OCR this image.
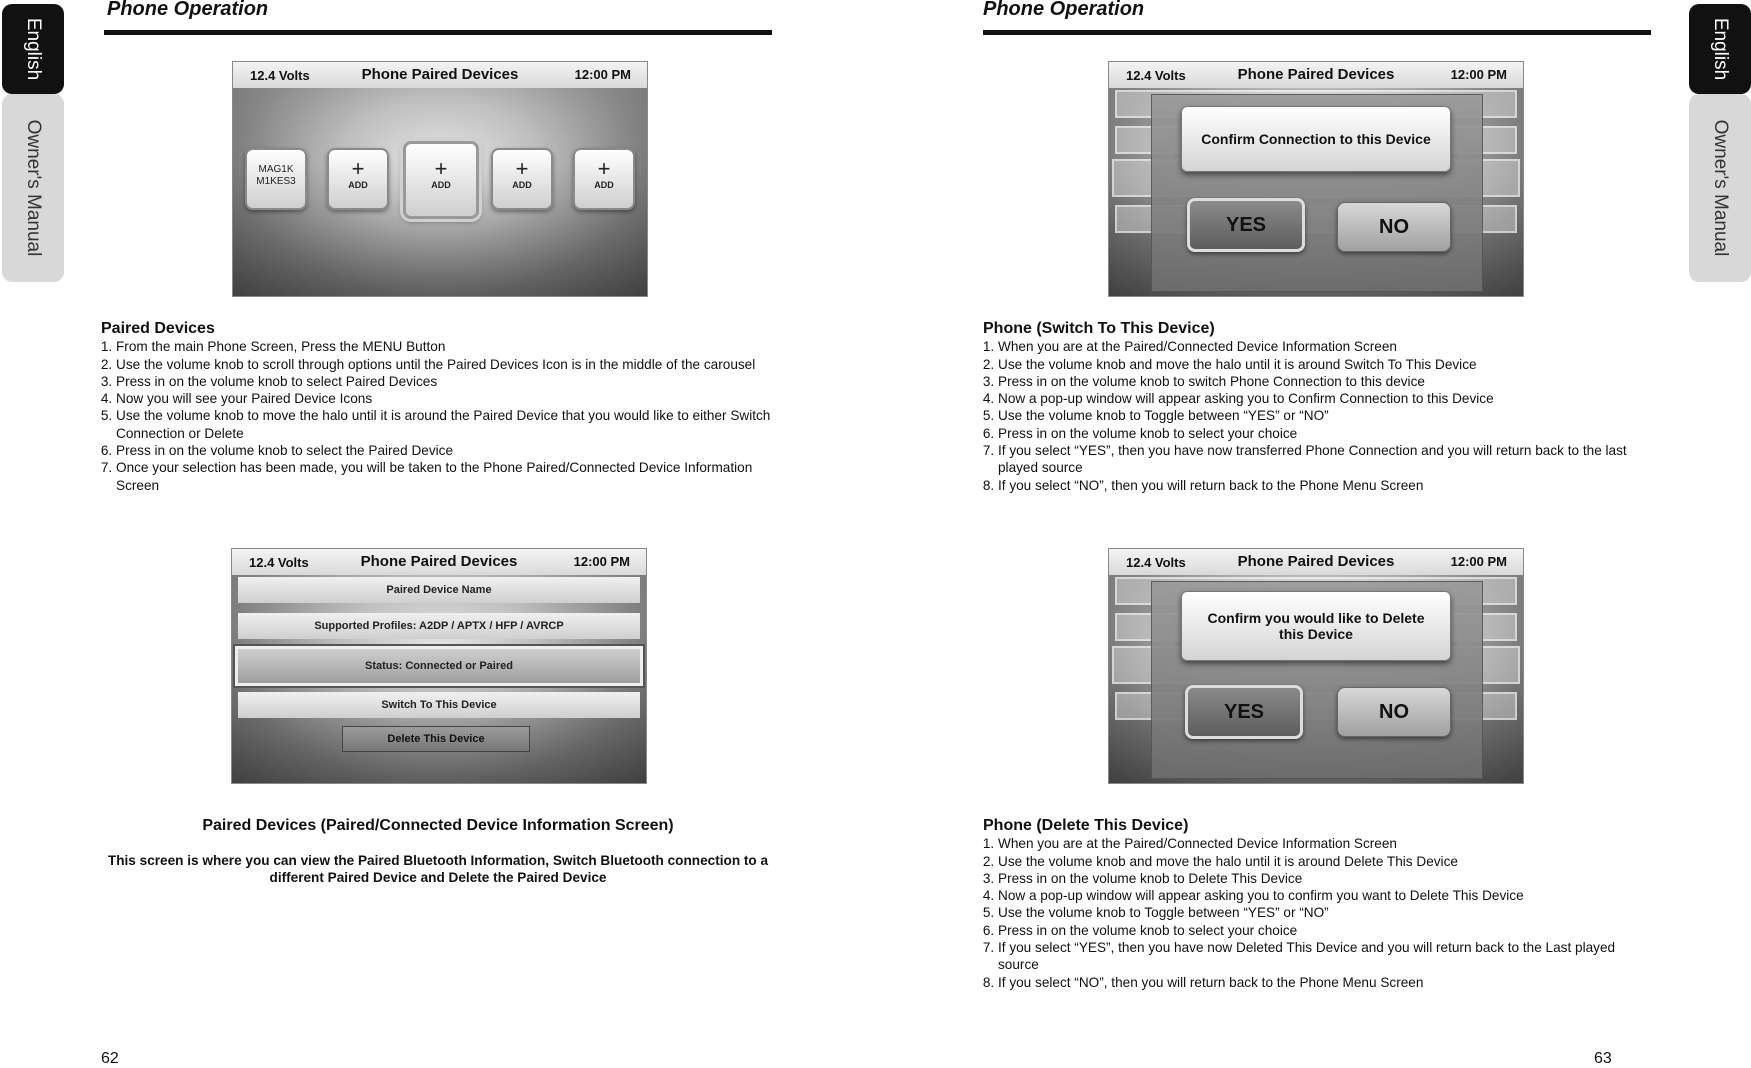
English
Owner's Manual
English
Owner's Manual
Phone Operation
12.4 Volts	Phone Paired Devices	12:00 PM
MAG1K
M1KES3
+
ADD
+
ADD
+
ADD
+
ADD
Paired Devices
1. From the main Phone Screen, Press the MENU Button
2. Use the volume knob to scroll through options until the Paired Devices Icon is in the middle of the carousel
3. Press in on the volume knob to select Paired Devices
4. Now you will see your Paired Device Icons
5. Use the volume knob to move the halo until it is around the Paired Device that you would like to either Switch Connection or Delete
6. Press in on the volume knob to select the Paired Device
7. Once your selection has been made, you will be taken to the Phone Paired/Connected Device Information Screen
12.4 Volts	Phone Paired Devices	12:00 PM
Paired Device Name
Supported Profiles: A2DP / APTX / HFP / AVRCP
Status: Connected or Paired
Switch To This Device
Delete This Device
Paired Devices (Paired/Connected Device Information Screen)
This screen is where you can view the Paired Bluetooth Information, Switch Bluetooth connection to a different Paired Device and Delete the Paired Device
62
Phone Operation
12.4 Volts	Phone Paired Devices	12:00 PM
Confirm Connection to this Device
YES	NO
Phone (Switch To This Device)
1. When you are at the Paired/Connected Device Information Screen
2. Use the volume knob and move the halo until it is around Switch To This Device
3. Press in on the volume knob to switch Phone Connection to this device
4. Now a pop-up window will appear asking you to Confirm Connection to this Device
5. Use the volume knob to Toggle between “YES” or “NO”
6. Press in on the volume knob to select your choice
7. If you select “YES”, then you have now transferred Phone Connection and you will return back to the last played source
8. If you select “NO”, then you will return back to the Phone Menu Screen
12.4 Volts	Phone Paired Devices	12:00 PM
Confirm you would like to Delete
this Device
YES	NO
Phone (Delete This Device)
1. When you are at the Paired/Connected Device Information Screen
2. Use the volume knob and move the halo until it is around Delete This Device
3. Press in on the volume knob to Delete This Device
4. Now a pop-up window will appear asking you to confirm you want to Delete This Device
5. Use the volume knob to Toggle between “YES” or “NO”
6. Press in on the volume knob to select your choice
7. If you select “YES”, then you have now Deleted This Device and you will return back to the Last played source
8. If you select “NO”, then you will return back to the Phone Menu Screen
63
